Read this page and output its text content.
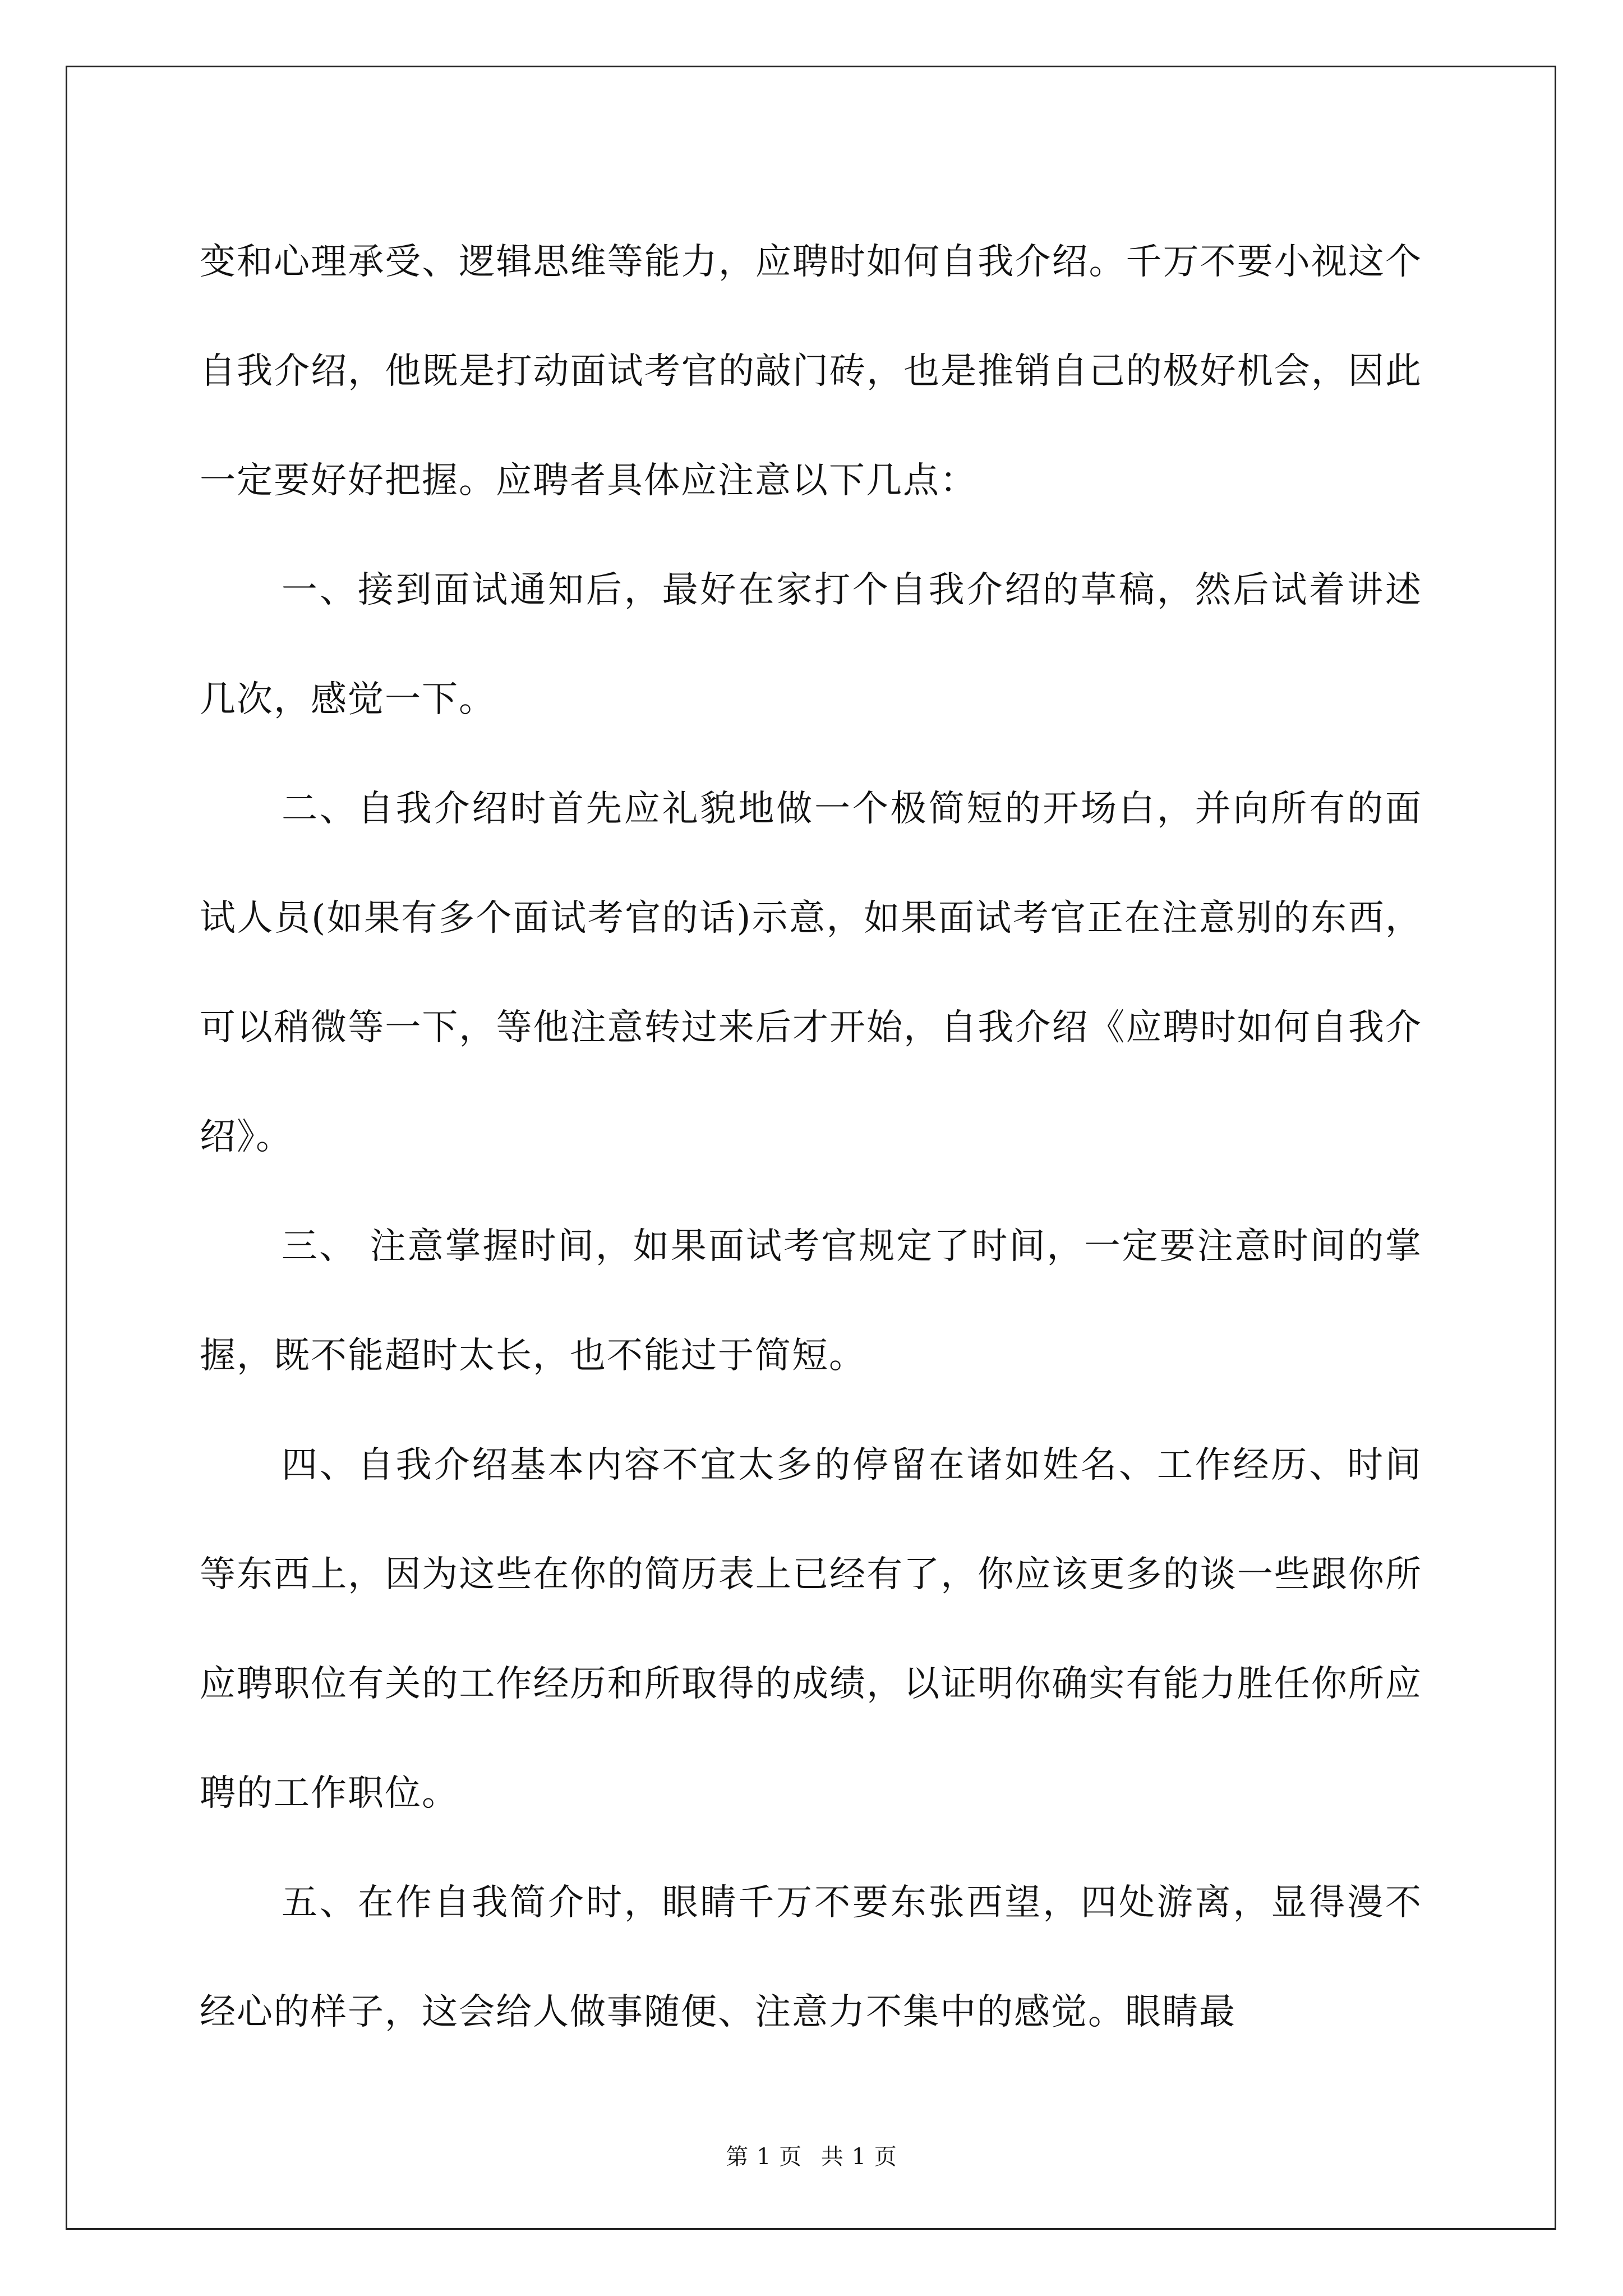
变和心理承受、逻辑思维等能力，应聘时如何自我介绍。千万不要小视这个自我介绍，他既是打动面试考官的敲门砖，也是推销自己的极好机会，因此一定要好好把握。应聘者具体应注意以下几点：

一、接到面试通知后，最好在家打个自我介绍的草稿，然后试着讲述几次，感觉一下。

二、自我介绍时首先应礼貌地做一个极简短的开场白，并向所有的面试人员(如果有多个面试考官的话)示意，如果面试考官正在注意别的东西，可以稍微等一下，等他注意转过来后才开始，自我介绍《应聘时如何自我介绍》。

三、 注意掌握时间，如果面试考官规定了时间，一定要注意时间的掌握，既不能超时太长，也不能过于简短。

四、自我介绍基本内容不宜太多的停留在诸如姓名、工作经历、时间等东西上，因为这些在你的简历表上已经有了，你应该更多的谈一些跟你所应聘职位有关的工作经历和所取得的成绩，以证明你确实有能力胜任你所应聘的工作职位。

五、在作自我简介时，眼睛千万不要东张西望，四处游离，显得漫不经心的样子，这会给人做事随便、注意力不集中的感觉。眼睛最

第 1 页 共 1 页
